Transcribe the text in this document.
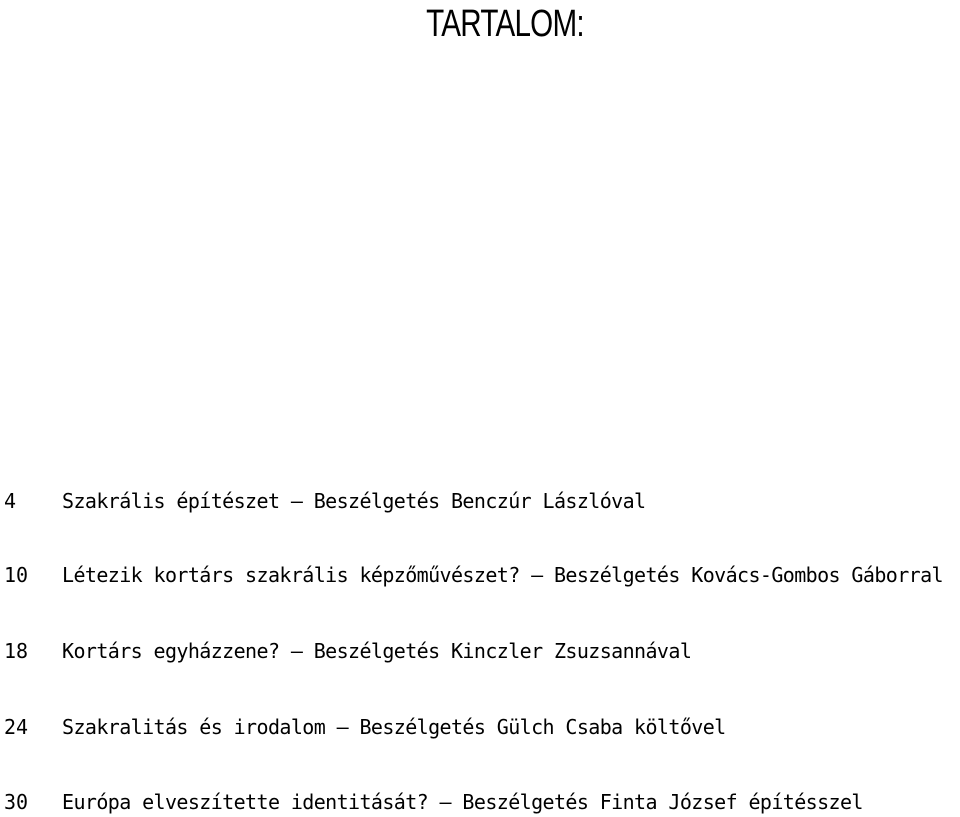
TARTALOM:
4 Szakrális építészet – Beszélgetés Benczúr Lászlóval
10 Létezik kortárs szakrális képzőművészet? – Beszélgetés Kovács-Gombos Gáborral
18 Kortárs egyházzene? – Beszélgetés Kinczler Zsuzsannával
24 Szakralitás és irodalom – Beszélgetés Gülch Csaba költővel
30 Európa elveszítette identitását? – Beszélgetés Finta József építésszel
